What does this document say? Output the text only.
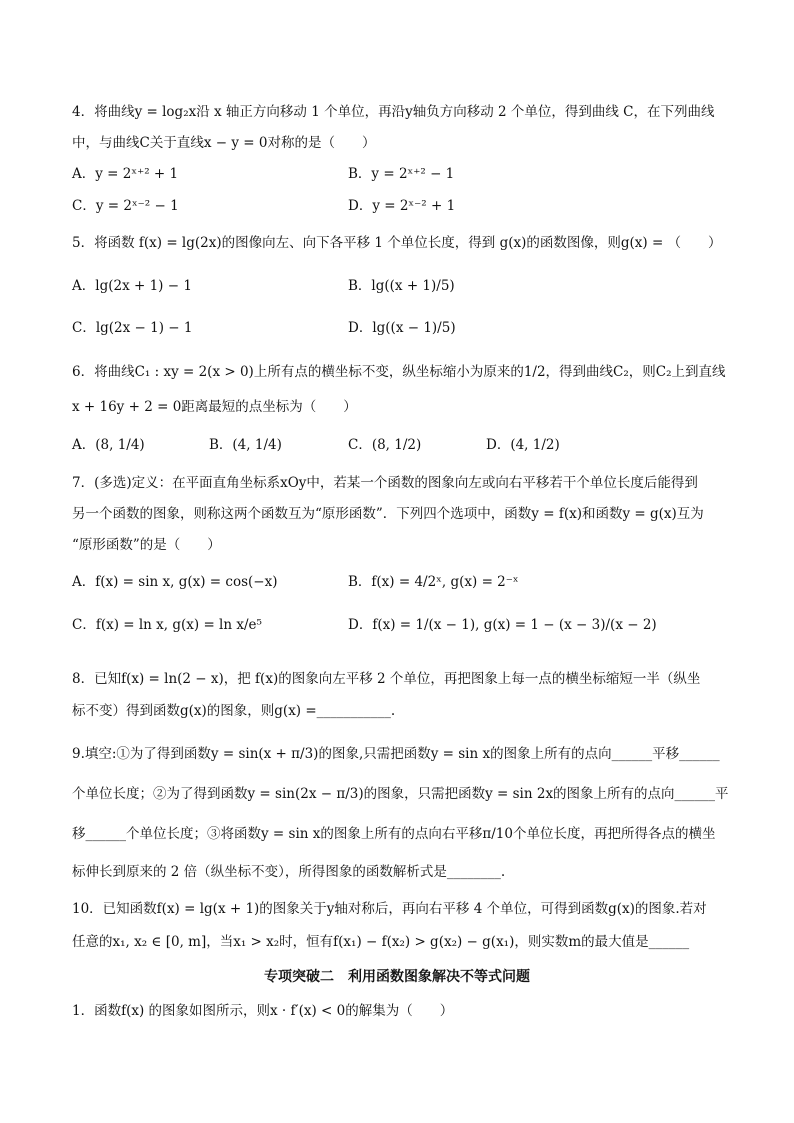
4．将曲线y = log₂x沿 x 轴正方向移动 1 个单位，再沿y轴负方向移动 2 个单位，得到曲线 C，在下列曲线
中，与曲线C关于直线x − y = 0对称的是（　　）
A．y = 2ˣ⁺² + 1	B．y = 2ˣ⁺² − 1
C．y = 2ˣ⁻² − 1	D．y = 2ˣ⁻² + 1
5．将函数 f(x) = lg(2x)的图像向左、向下各平移 1 个单位长度，得到 g(x)的函数图像，则g(x) = （　　）
A．lg(2x + 1) − 1	B．lg((x + 1)/5)
C．lg(2x − 1) − 1	D．lg((x − 1)/5)
6．将曲线C₁ : xy = 2(x > 0)上所有点的横坐标不变，纵坐标缩小为原来的1/2，得到曲线C₂，则C₂上到直线
x + 16y + 2 = 0距离最短的点坐标为（　　）
A．(8, 1/4)	B．(4, 1/4)	C．(8, 1/2)	D．(4, 1/2)
7．(多选)定义：在平面直角坐标系xOy中，若某一个函数的图象向左或向右平移若干个单位长度后能得到
另一个函数的图象，则称这两个函数互为“原形函数”．下列四个选项中，函数y = f(x)和函数y = g(x)互为
“原形函数”的是（　　）
A．f(x) = sin x, g(x) = cos(−x)	B．f(x) = 4/2ˣ, g(x) = 2⁻ˣ
C．f(x) = ln x, g(x) = ln x/e⁵	D．f(x) = 1/(x − 1), g(x) = 1 − (x − 3)/(x − 2)
8．已知f(x) = ln(2 − x)，把 f(x)的图象向左平移 2 个单位，再把图象上每一点的横坐标缩短一半（纵坐
标不变）得到函数g(x)的图象，则g(x) =___________.
9.填空:①为了得到函数y = sin(x + π/3)的图象,只需把函数y = sin x的图象上所有的点向______平移______
个单位长度；②为了得到函数y = sin(2x − π/3)的图象，只需把函数y = sin 2x的图象上所有的点向______平
移______个单位长度；③将函数y = sin x的图象上所有的点向右平移π/10个单位长度，再把所得各点的横坐
标伸长到原来的 2 倍（纵坐标不变），所得图象的函数解析式是________.
10．已知函数f(x) = lg(x + 1)的图象关于y轴对称后，再向右平移 4 个单位，可得到函数g(x)的图象.若对
任意的x₁, x₂ ∈ [0, m]，当x₁ > x₂时，恒有f(x₁) − f(x₂) > g(x₂) − g(x₁)，则实数m的最大值是______
专项突破二　利用函数图象解决不等式问题
1．函数f(x) 的图象如图所示，则x · f′(x) < 0的解集为（　　）
